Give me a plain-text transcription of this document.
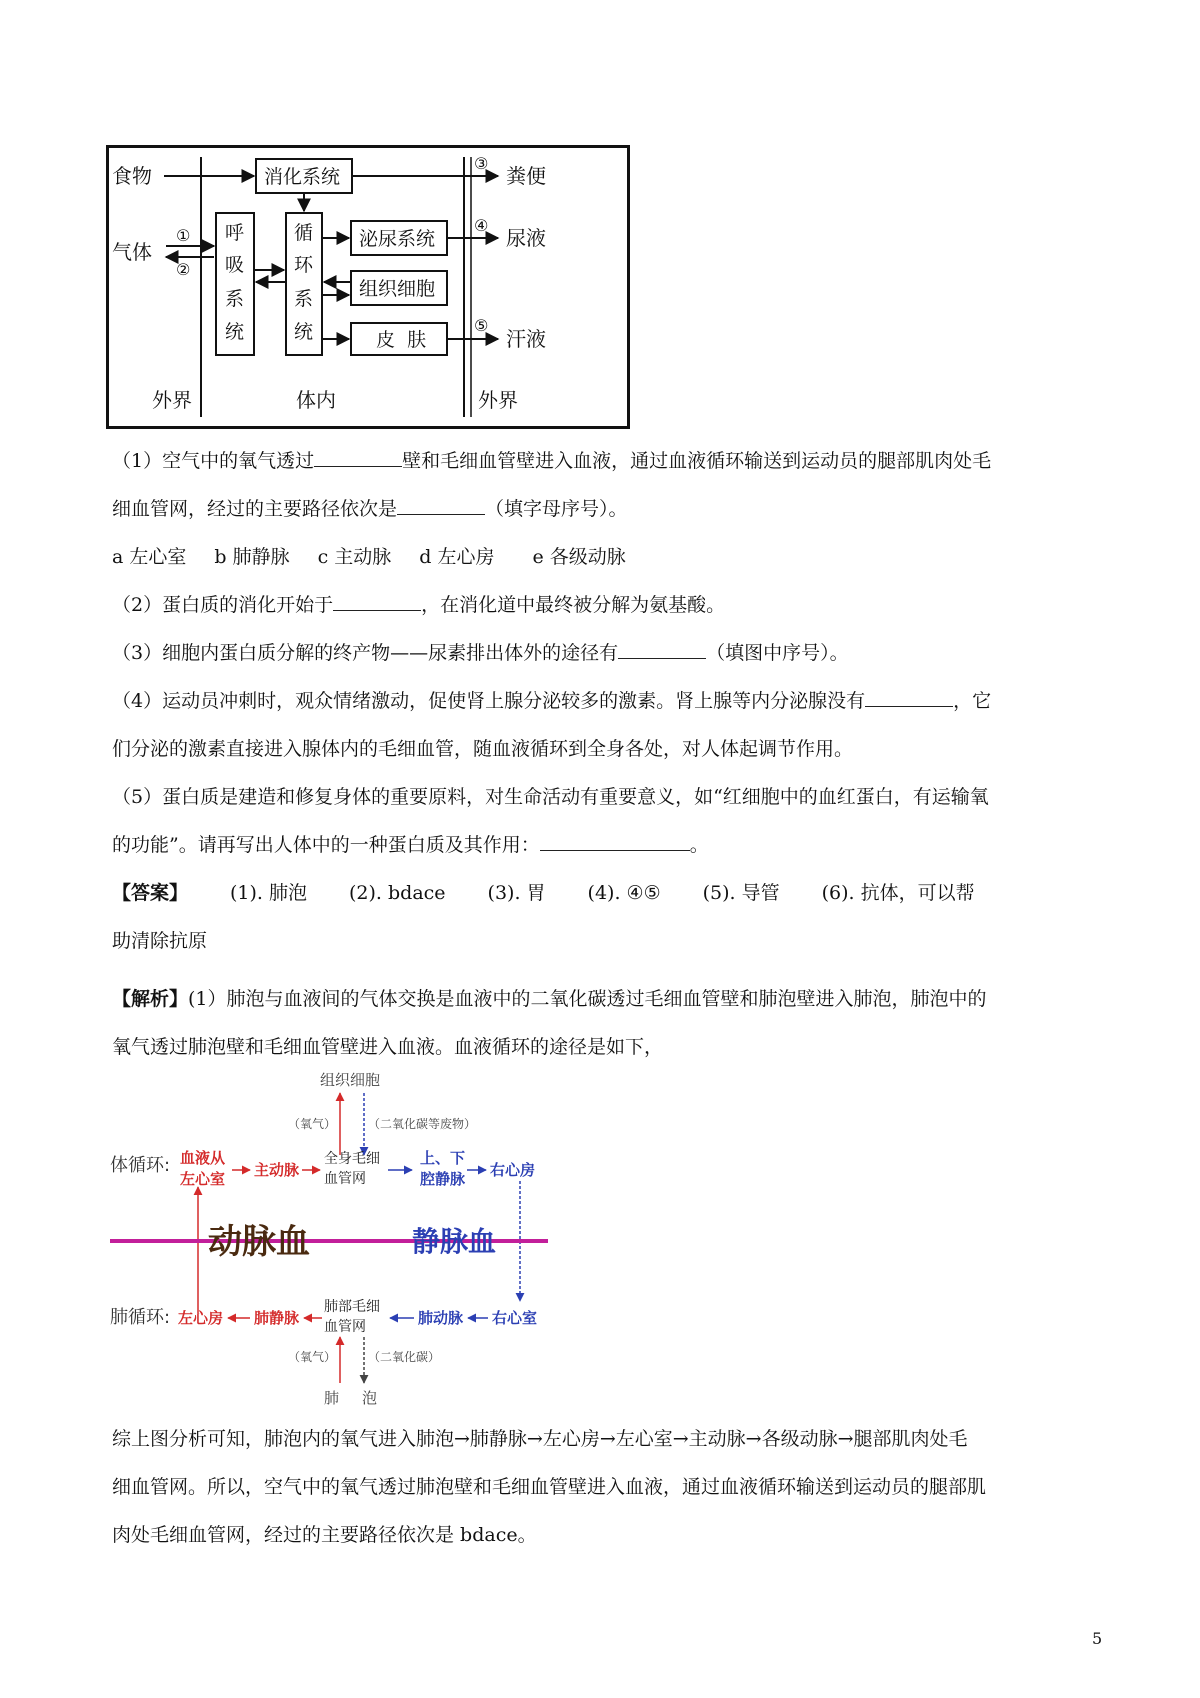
食物
气体
①
②
消化系统
呼
吸
系
统
循
环
系
统
泌尿系统
组织细胞
皮  肤
③
④
⑤
粪便
尿液
汗液
外界	体内	外界
（1）空气中的氧气透过	壁和毛细血管壁进入血液，通过血液循环输送到运动员的腿部肌肉处毛
细血管网，经过的主要路径依次是	（填字母序号）。
a 左心室 b 肺静脉 c 主动脉 d 左心房 e 各级动脉
（2）蛋白质的消化开始于	，在消化道中最终被分解为氨基酸。
（3）细胞内蛋白质分解的终产物——尿素排出体外的途径有	（填图中序号）。
（4）运动员冲刺时，观众情绪激动，促使肾上腺分泌较多的激素。肾上腺等内分泌腺没有	，它
们分泌的激素直接进入腺体内的毛细血管，随血液循环到全身各处，对人体起调节作用。
（5）蛋白质是建造和修复身体的重要原料，对生命活动有重要意义，如“红细胞中的血红蛋白，有运输氧
的功能”。请再写出人体中的一种蛋白质及其作用：	。
【答案】 (1). 肺泡 (2). bdace (3). 胃 (4). ④⑤ (5). 导管 (6). 抗体，可以帮
助清除抗原
【解析】(1）肺泡与血液间的气体交换是血液中的二氧化碳透过毛细血管壁和肺泡壁进入肺泡，肺泡中的
氧气透过肺泡壁和毛细血管壁进入血液。血液循环的途径是如下，
组织细胞
（氧气）	（二氧化碳等废物）
体循环: 血液从
左心室 主动脉
全身毛细
血管网
上、下
腔静脉 右心房
动脉血	静脉血
肺循环: 左心房 肺静脉
肺部毛细
血管网	肺动脉 右心室
（氧气）	（二氧化碳）
肺 泡
综上图分析可知，肺泡内的氧气进入肺泡→肺静脉→左心房→左心室→主动脉→各级动脉→腿部肌肉处毛
细血管网。所以，空气中的氧气透过肺泡壁和毛细血管壁进入血液，通过血液循环输送到运动员的腿部肌
肉处毛细血管网，经过的主要路径依次是 bdace。
5
